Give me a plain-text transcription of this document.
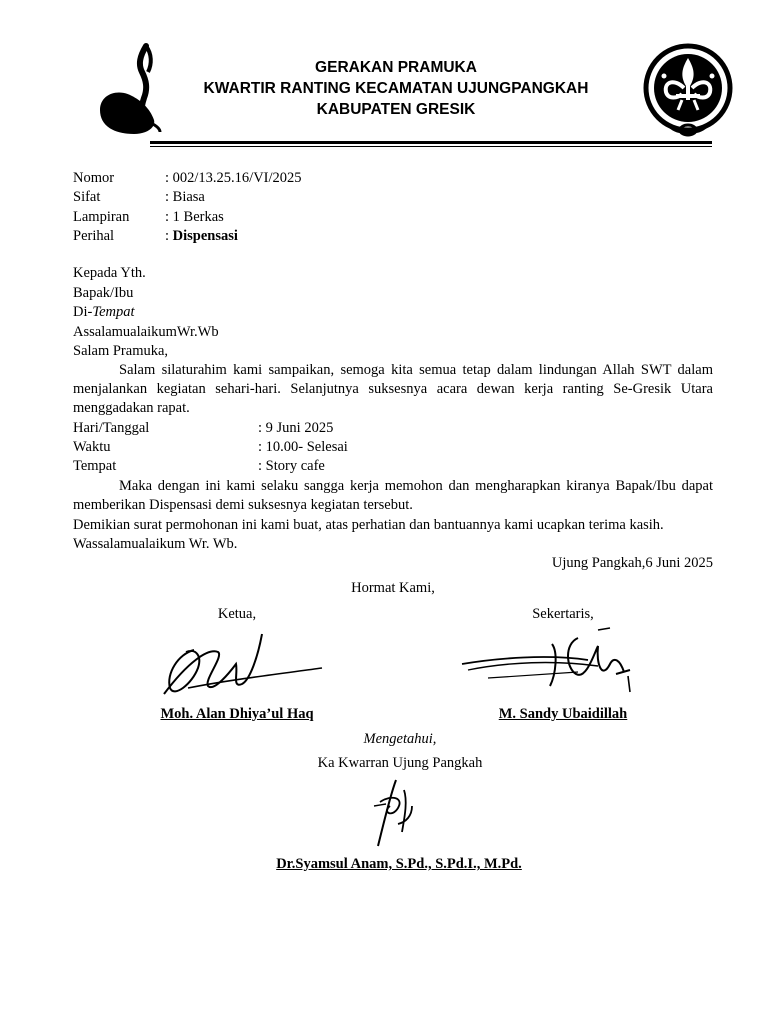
GERAKAN PRAMUKA
KWARTIR RANTING KECAMATAN UJUNGPANGKAH
KABUPATEN GRESIK
Nomor	: 002/13.25.16/VI/2025
Sifat	: Biasa
Lampiran : 1 Berkas
Perihal	: Dispensasi
Kepada Yth.
Bapak/Ibu
Di-Tempat
AssalamualaikumWr.Wb
Salam Pramuka,
Salam silaturahim kami sampaikan, semoga kita semua tetap dalam lindungan Allah SWT dalam menjalankan kegiatan sehari-hari. Selanjutnya suksesnya acara dewan kerja ranting Se-Gresik Utara menggadakan rapat.
Hari/Tanggal	: 9 Juni 2025
Waktu	: 10.00- Selesai
Tempat	: Story cafe
Maka dengan ini kami selaku sangga kerja memohon dan mengharapkan kiranya Bapak/Ibu dapat memberikan Dispensasi demi suksesnya kegiatan tersebut.
Demikian surat permohonan ini kami buat, atas perhatian dan bantuannya kami ucapkan terima kasih.
Wassalamualaikum Wr. Wb.
Ujung Pangkah,6 Juni 2025
Hormat Kami,
Ketua,	Sekertaris,
Moh. Alan Dhiya’ul Haq	M. Sandy Ubaidillah
Mengetahui,
Ka Kwarran Ujung Pangkah
Dr.Syamsul Anam, S.Pd., S.Pd.I., M.Pd.
